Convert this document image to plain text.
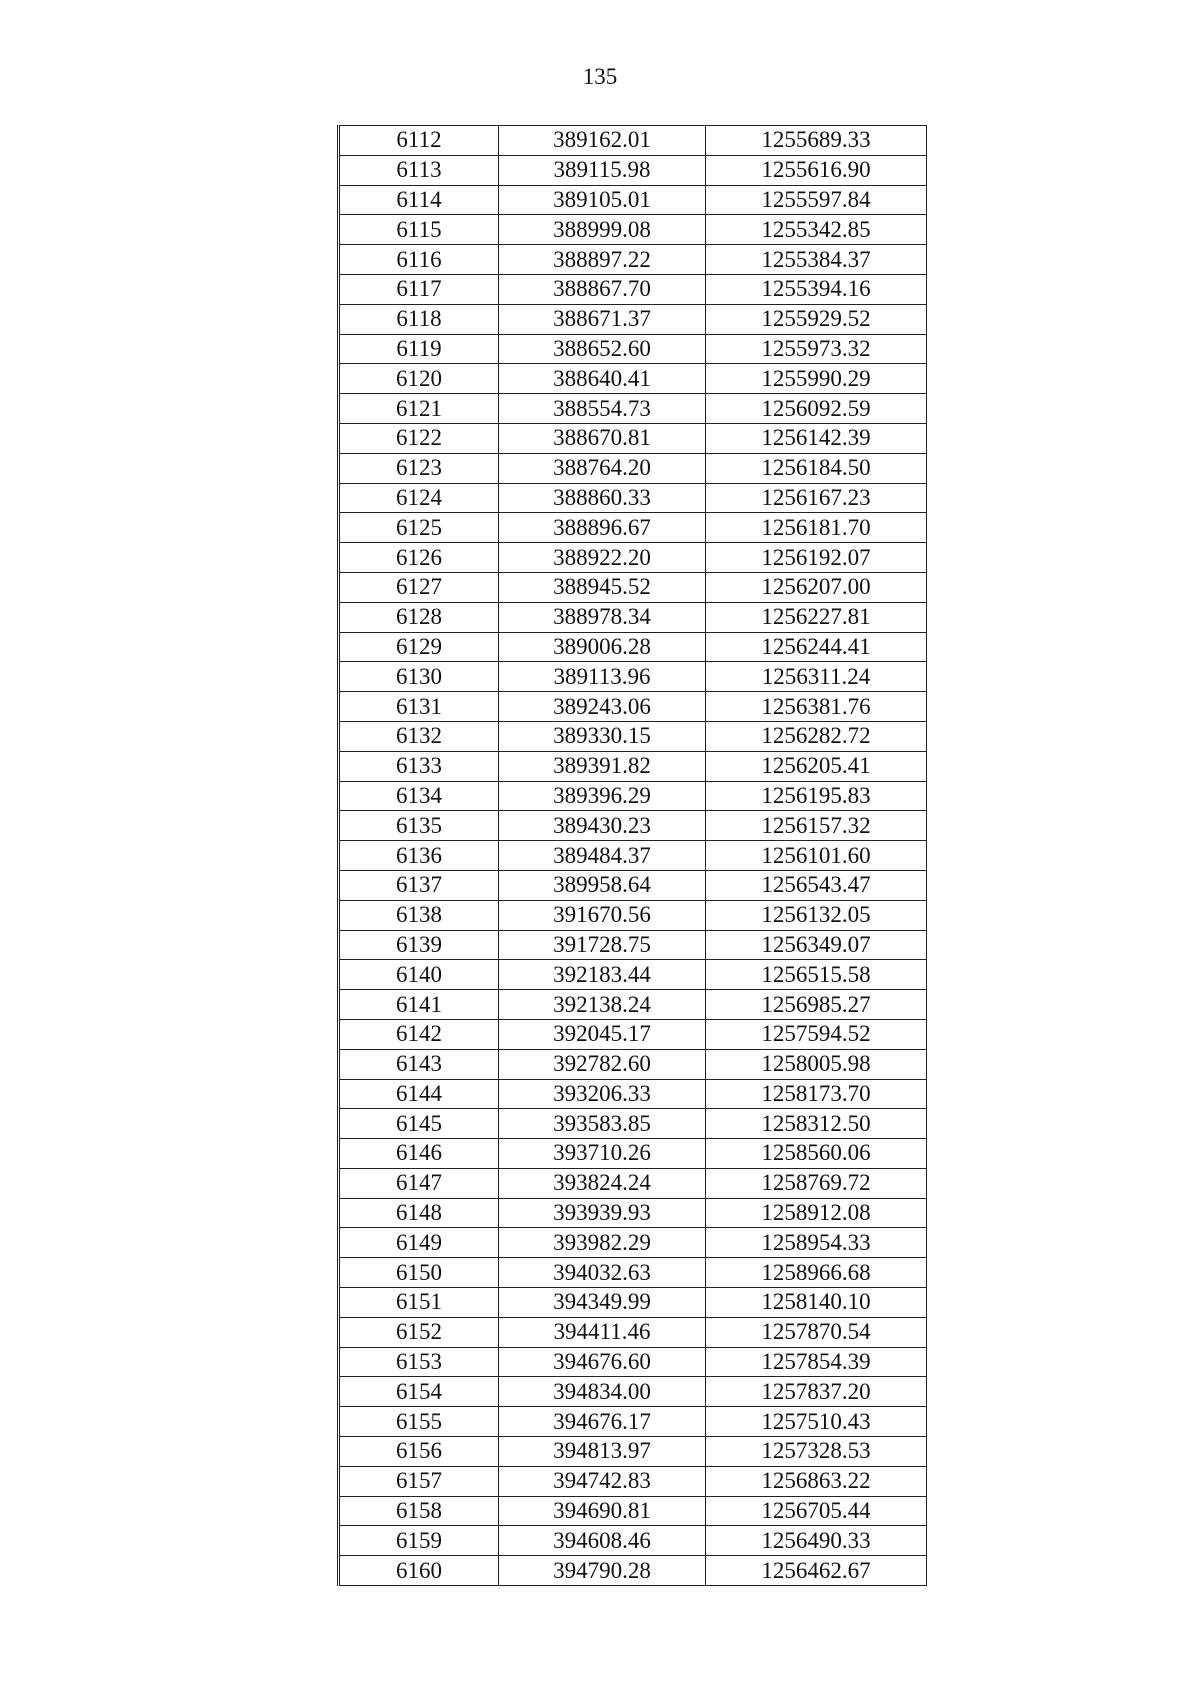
135
6112	389162.01	1255689.33
6113	389115.98	1255616.90
6114	389105.01	1255597.84
6115	388999.08	1255342.85
6116	388897.22	1255384.37
6117	388867.70	1255394.16
6118	388671.37	1255929.52
6119	388652.60	1255973.32
6120	388640.41	1255990.29
6121	388554.73	1256092.59
6122	388670.81	1256142.39
6123	388764.20	1256184.50
6124	388860.33	1256167.23
6125	388896.67	1256181.70
6126	388922.20	1256192.07
6127	388945.52	1256207.00
6128	388978.34	1256227.81
6129	389006.28	1256244.41
6130	389113.96	1256311.24
6131	389243.06	1256381.76
6132	389330.15	1256282.72
6133	389391.82	1256205.41
6134	389396.29	1256195.83
6135	389430.23	1256157.32
6136	389484.37	1256101.60
6137	389958.64	1256543.47
6138	391670.56	1256132.05
6139	391728.75	1256349.07
6140	392183.44	1256515.58
6141	392138.24	1256985.27
6142	392045.17	1257594.52
6143	392782.60	1258005.98
6144	393206.33	1258173.70
6145	393583.85	1258312.50
6146	393710.26	1258560.06
6147	393824.24	1258769.72
6148	393939.93	1258912.08
6149	393982.29	1258954.33
6150	394032.63	1258966.68
6151	394349.99	1258140.10
6152	394411.46	1257870.54
6153	394676.60	1257854.39
6154	394834.00	1257837.20
6155	394676.17	1257510.43
6156	394813.97	1257328.53
6157	394742.83	1256863.22
6158	394690.81	1256705.44
6159	394608.46	1256490.33
6160	394790.28	1256462.67
